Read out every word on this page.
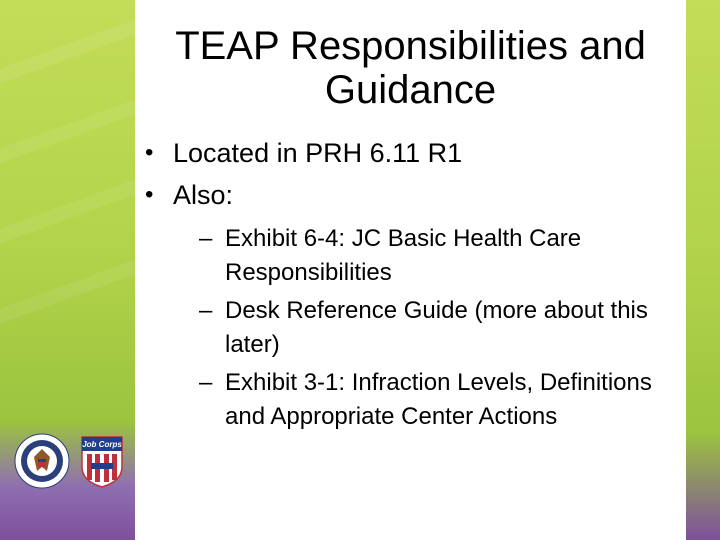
Job Corps
TEAP Responsibilities and Guidance
• Located in PRH 6.11 R1
• Also:
– Exhibit 6-4: JC Basic Health Care Responsibilities
– Desk Reference Guide (more about this later)
– Exhibit 3-1: Infraction Levels, Definitions and Appropriate Center Actions
